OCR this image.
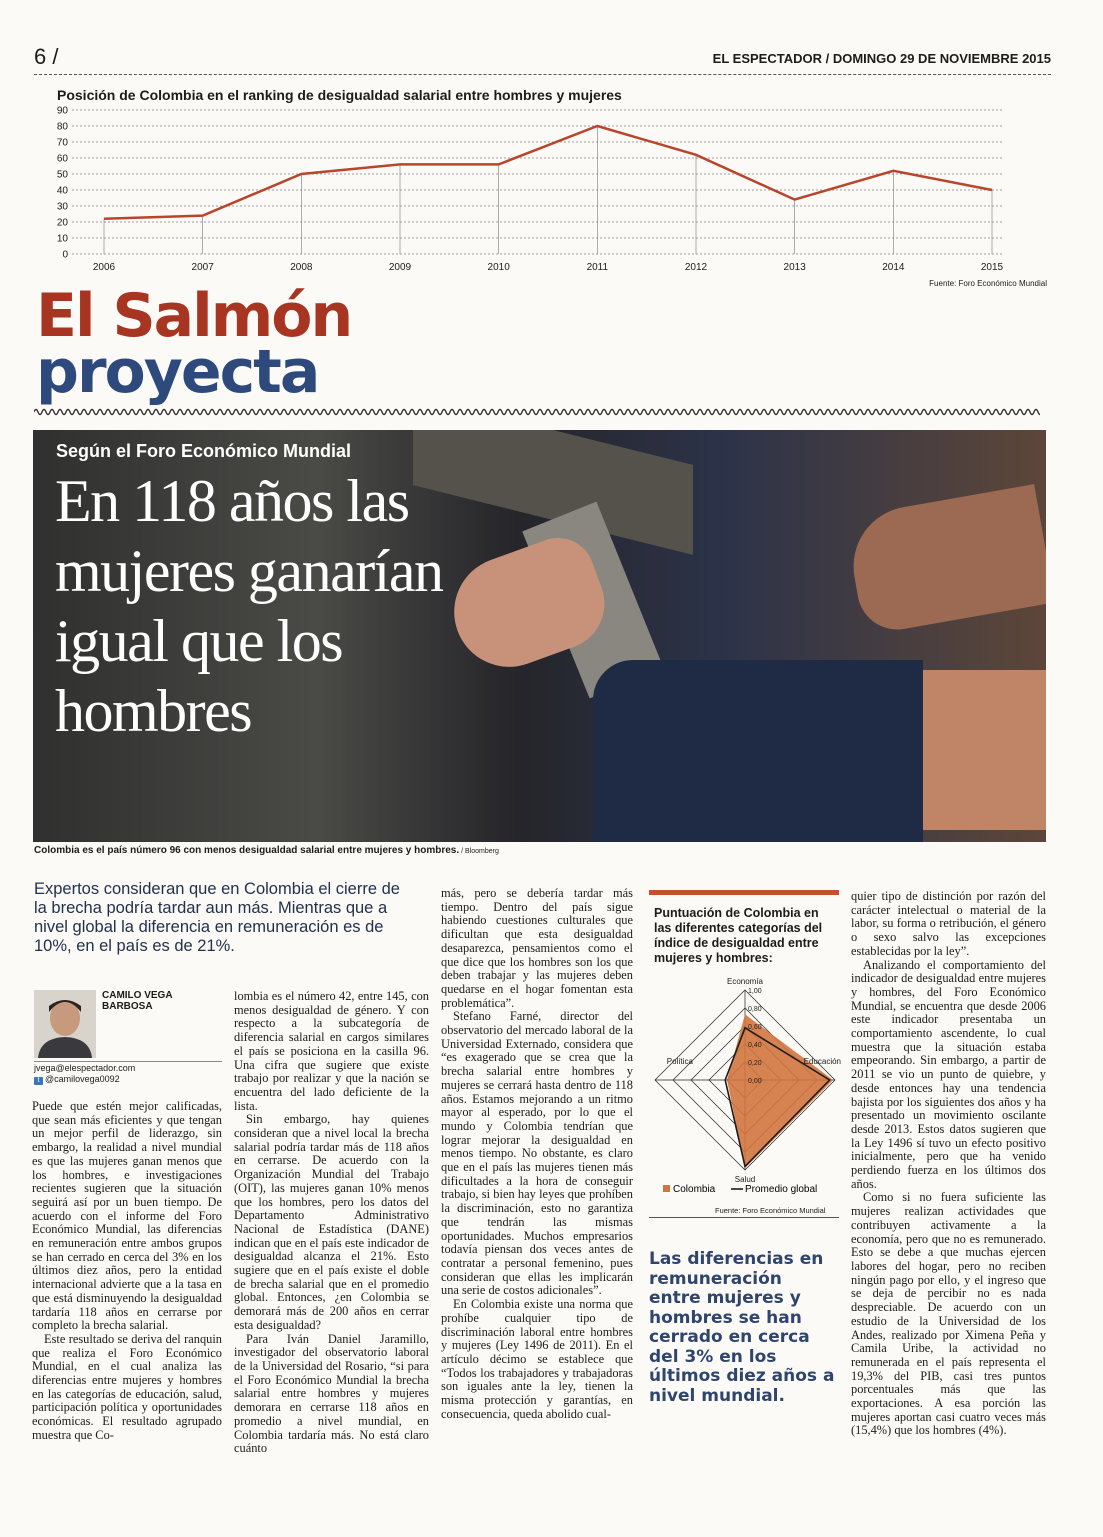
6 /	EL ESPECTADOR / DOMINGO 29 DE NOVIEMBRE 2015
Posición de Colombia en el ranking de desigualdad salarial entre hombres y mujeres
0
10
20
30
40
50
60
70
80
90
2006	2007	2008	2009	2010	2011	2012	2013	2014	2015
Fuente: Foro Económico Mundial
El Salmón
proyecta
Según el Foro Económico Mundial
En 118 años las mujeres ganarían igual que los hombres
Colombia es el país número 96 con menos desigualdad salarial entre mujeres y hombres. / Bloomberg
Expertos consideran que en Colombia el cierre de la brecha podría tardar aun más. Mientras que a nivel global la diferencia en remuneración es de 10%, en el país es de 21%.
CAMILO VEGA BARBOSA
jvega@elespectador.com
t @camilovega0092

Puede que estén mejor calificadas, que sean más eficientes y que tengan un mejor perfil de liderazgo, sin embargo, la realidad a nivel mundial es que las mujeres ganan menos que los hombres, e investigaciones recientes sugieren que la situación seguirá así por un buen tiempo. De acuerdo con el informe del Foro Económico Mundial, las diferencias en remuneración entre ambos grupos se han cerrado en cerca del 3% en los últimos diez años, pero la entidad internacional advierte que a la tasa en que está disminuyendo la desigualdad tardaría 118 años en cerrarse por completo la brecha salarial.

Este resultado se deriva del ranquin que realiza el Foro Económico Mundial, en el cual analiza las diferencias entre mujeres y hombres en las categorías de educación, salud, participación política y oportunidades económicas. El resultado agrupado muestra que Co-

lombia es el número 42, entre 145, con menos desigualdad de género. Y con respecto a la subcategoría de diferencia salarial en cargos similares el país se posiciona en la casilla 96. Una cifra que sugiere que existe trabajo por realizar y que la nación se encuentra del lado deficiente de la lista.

Sin embargo, hay quienes consideran que a nivel local la brecha salarial podría tardar más de 118 años en cerrarse. De acuerdo con la Organización Mundial del Trabajo (OIT), las mujeres ganan 10% menos que los hombres, pero los datos del Departamento Administrativo Nacional de Estadística (DANE) indican que en el país este indicador de desigualdad alcanza el 21%. Esto sugiere que en el país existe el doble de brecha salarial que en el promedio global. Entonces, ¿en Colombia se demorará más de 200 años en cerrar esta desigualdad?

Para Iván Daniel Jaramillo, investigador del observatorio laboral de la Universidad del Rosario, “si para el Foro Económico Mundial la brecha salarial entre hombres y mujeres demorara en cerrarse 118 años en promedio a nivel mundial, en Colombia tardaría más. No está claro cuánto

más, pero se debería tardar más tiempo. Dentro del país sigue habiendo cuestiones culturales que dificultan que esta desigualdad desaparezca, pensamientos como el que dice que los hombres son los que deben trabajar y las mujeres deben quedarse en el hogar fomentan esta problemática”.

Stefano Farné, director del observatorio del mercado laboral de la Universidad Externado, considera que “es exagerado que se crea que la brecha salarial entre hombres y mujeres se cerrará hasta dentro de 118 años. Estamos mejorando a un ritmo mayor al esperado, por lo que el mundo y Colombia tendrían que lograr mejorar la desigualdad en menos tiempo. No obstante, es claro que en el país las mujeres tienen más dificultades a la hora de conseguir trabajo, si bien hay leyes que prohíben la discriminación, esto no garantiza que tendrán las mismas oportunidades. Muchos empresarios todavía piensan dos veces antes de contratar a personal femenino, pues consideran que ellas les implicarán una serie de costos adicionales”.

En Colombia existe una norma que prohíbe cualquier tipo de discriminación laboral entre hombres y mujeres (Ley 1496 de 2011). En el artículo décimo se establece que “Todos los trabajadores y trabajadoras son iguales ante la ley, tienen la misma protección y garantías, en consecuencia, queda abolido cual-

quier tipo de distinción por razón del carácter intelectual o material de la labor, su forma o retribución, el género o sexo salvo las excepciones establecidas por la ley”.

Analizando el comportamiento del indicador de desigualdad entre mujeres y hombres, del Foro Económico Mundial, se encuentra que desde 2006 este indicador presentaba un comportamiento ascendente, lo cual muestra que la situación estaba empeorando. Sin embargo, a partir de 2011 se vio un punto de quiebre, y desde entonces hay una tendencia bajista por los siguientes dos años y ha presentado un movimiento oscilante desde 2013. Estos datos sugieren que la Ley 1496 sí tuvo un efecto positivo inicialmente, pero que ha venido perdiendo fuerza en los últimos dos años.

Como si no fuera suficiente las mujeres realizan actividades que contribuyen activamente a la economía, pero que no es remunerado. Esto se debe a que muchas ejercen labores del hogar, pero no reciben ningún pago por ello, y el ingreso que se deja de percibir no es nada despreciable. De acuerdo con un estudio de la Universidad de los Andes, realizado por Ximena Peña y Camila Uribe, la actividad no remunerada en el país representa el 19,3% del PIB, casi tres puntos porcentuales más que las exportaciones. A esa porción las mujeres aportan casi cuatro veces más (15,4%) que los hombres (4%).

Puntuación de Colombia en las diferentes categorías del índice de desigualdad entre mujeres y hombres:
1,00
0,80
0,60
0,40
0,20
0,00
Economía
Educación
Salud
Política
Colombia	Promedio global
Fuente: Foro Económico Mundial
Las diferencias en remuneración entre mujeres y hombres se han cerrado en cerca del 3% en los últimos diez años a nivel mundial.
